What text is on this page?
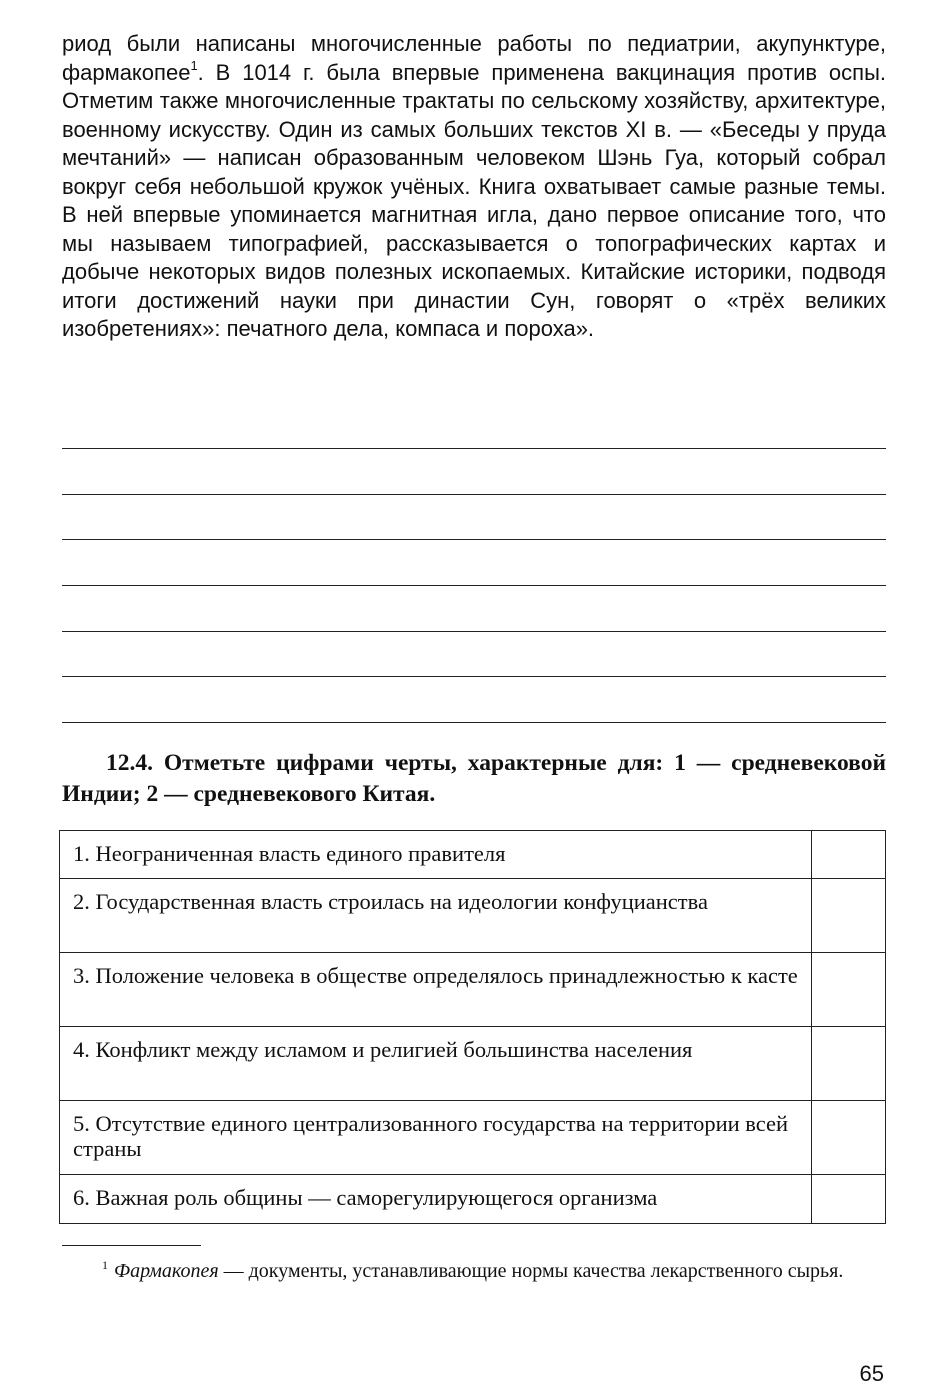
риод были написаны многочисленные работы по педиатрии, акупунктуре, фармакопее$^1$. В 1014 г. была впервые применена вакцинация против оспы. Отметим также многочисленные трактаты по сельскому хозяйству, архитектуре, военному искусству. Один из самых больших текстов XI в. — «Беседы у пруда мечтаний» — написан образованным человеком Шэнь Гуа, который собрал вокруг себя небольшой кружок учёных. Книга охватывает самые разные темы. В ней впервые упоминается магнитная игла, дано первое описание того, что мы называем типографией, рассказывается о топографических картах и добыче некоторых видов полезных ископаемых. Китайские историки, подводя итоги достижений науки при династии Сун, говорят о «трёх великих изобретениях»: печатного дела, компаса и пороха».

12.4. Отметьте цифрами черты, характерные для: 1 — средневековой Индии; 2 — средневекового Китая.

1. Неограниченная власть единого правителя	
2. Государственная власть строилась на идеологии конфуцианства	
3. Положение человека в обществе определялось принадлежностью к касте	
4. Конфликт между исламом и религией большинства населения	
5. Отсутствие единого централизованного государства на территории всей страны	
6. Важная роль общины — саморегулирующегося организма	

$^1$ Фармакопея — документы, устанавливающие нормы качества лекарственного сырья.

65
